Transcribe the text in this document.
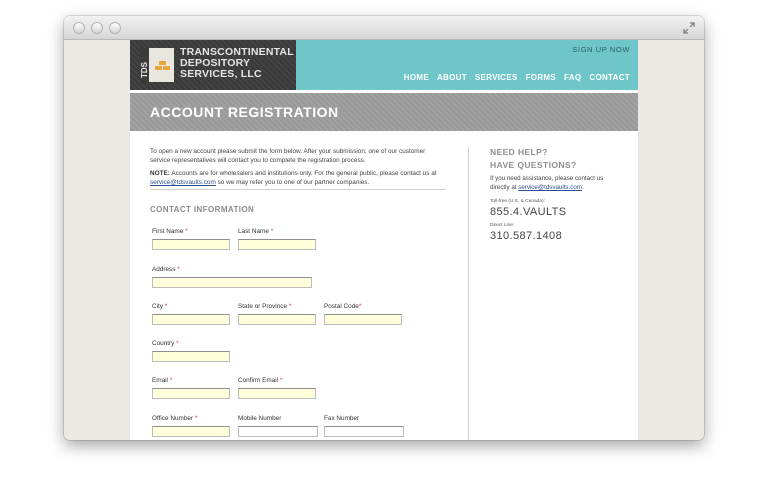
TDS
TRANSCONTINENTAL
DEPOSITORY
SERVICES, LLC
SIGN UP NOW
HOME ABOUT SERVICES FORMS FAQ CONTACT
ACCOUNT REGISTRATION
To open a new account please submit the form below. After your submission, one of our customer service representatives will contact you to complete the registration process.
NOTE: Accounts are for wholesalers and institutions only. For the general public, please contact us at service@tdsvaults.com so we may refer you to one of our partner companies.
CONTACT INFORMATION
First Name *	Last Name *
Address *
City *	State or Province *	Postal Code*
Country *
Email *	Confirm Email *
Office Number *	Mobile Number	Fax Number
NEED HELP?
HAVE QUESTIONS?
If you need assistance, please contact us directly at service@tdsvaults.com.
Toll-free (U.S. & Canada):
855.4.VAULTS
Direct Line:
310.587.1408
